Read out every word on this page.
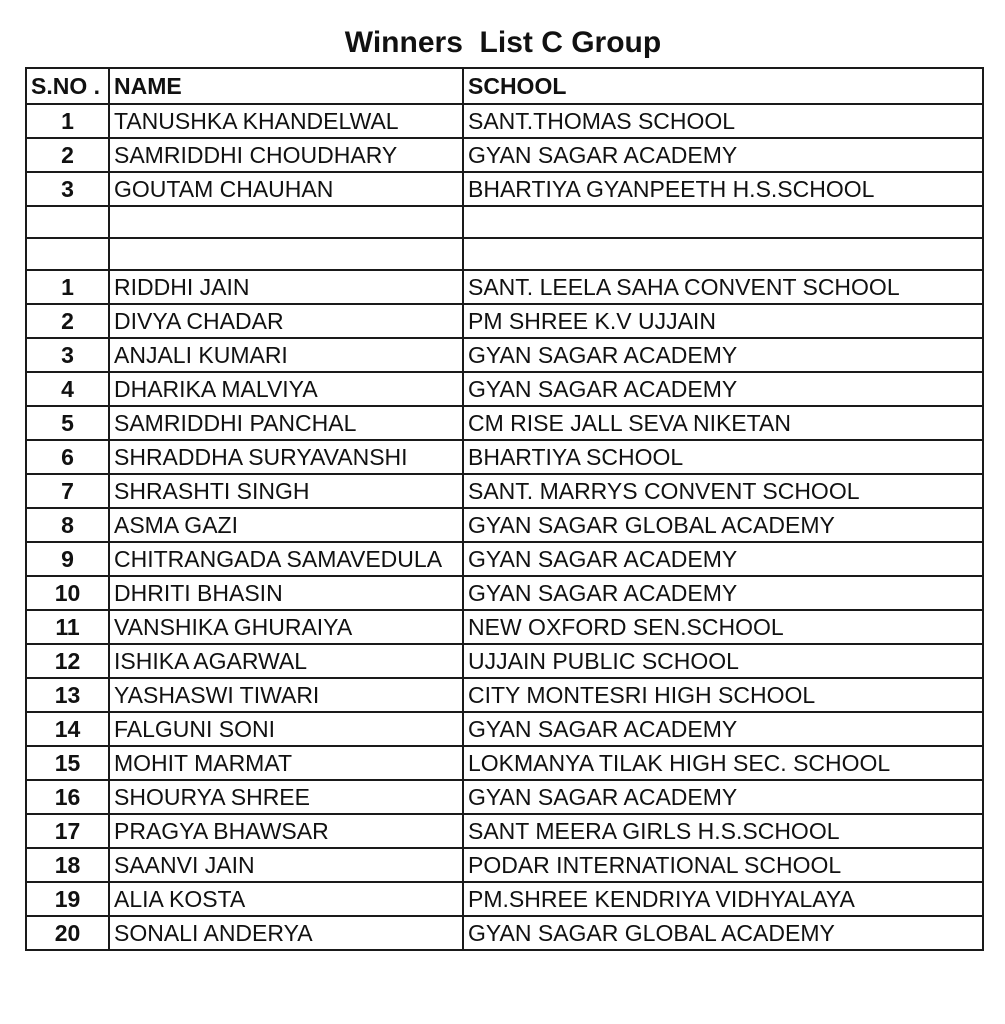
Winners  List C Group
S.NO .	NAME	SCHOOL
1	TANUSHKA KHANDELWAL	SANT.THOMAS SCHOOL
2	SAMRIDDHI CHOUDHARY	GYAN SAGAR ACADEMY
3	GOUTAM CHAUHAN	BHARTIYA GYANPEETH H.S.SCHOOL

1	RIDDHI JAIN	SANT. LEELA SAHA CONVENT SCHOOL
2	DIVYA CHADAR	PM SHREE K.V UJJAIN
3	ANJALI KUMARI	GYAN SAGAR ACADEMY
4	DHARIKA MALVIYA	GYAN SAGAR ACADEMY
5	SAMRIDDHI PANCHAL	CM RISE JALL SEVA NIKETAN
6	SHRADDHA SURYAVANSHI	BHARTIYA SCHOOL
7	SHRASHTI SINGH	SANT. MARRYS CONVENT SCHOOL
8	ASMA GAZI	GYAN SAGAR GLOBAL ACADEMY
9	CHITRANGADA SAMAVEDULA	GYAN SAGAR ACADEMY
10	DHRITI BHASIN	GYAN SAGAR ACADEMY
11	VANSHIKA GHURAIYA	NEW OXFORD SEN.SCHOOL
12	ISHIKA AGARWAL	UJJAIN PUBLIC SCHOOL
13	YASHASWI TIWARI	CITY MONTESRI HIGH SCHOOL
14	FALGUNI SONI	GYAN SAGAR ACADEMY
15	MOHIT MARMAT	LOKMANYA TILAK HIGH SEC. SCHOOL
16	SHOURYA SHREE	GYAN SAGAR ACADEMY
17	PRAGYA BHAWSAR	SANT MEERA GIRLS H.S.SCHOOL
18	SAANVI JAIN	PODAR INTERNATIONAL SCHOOL
19	ALIA KOSTA	PM.SHREE KENDRIYA VIDHYALAYA
20	SONALI ANDERYA	GYAN SAGAR GLOBAL ACADEMY
